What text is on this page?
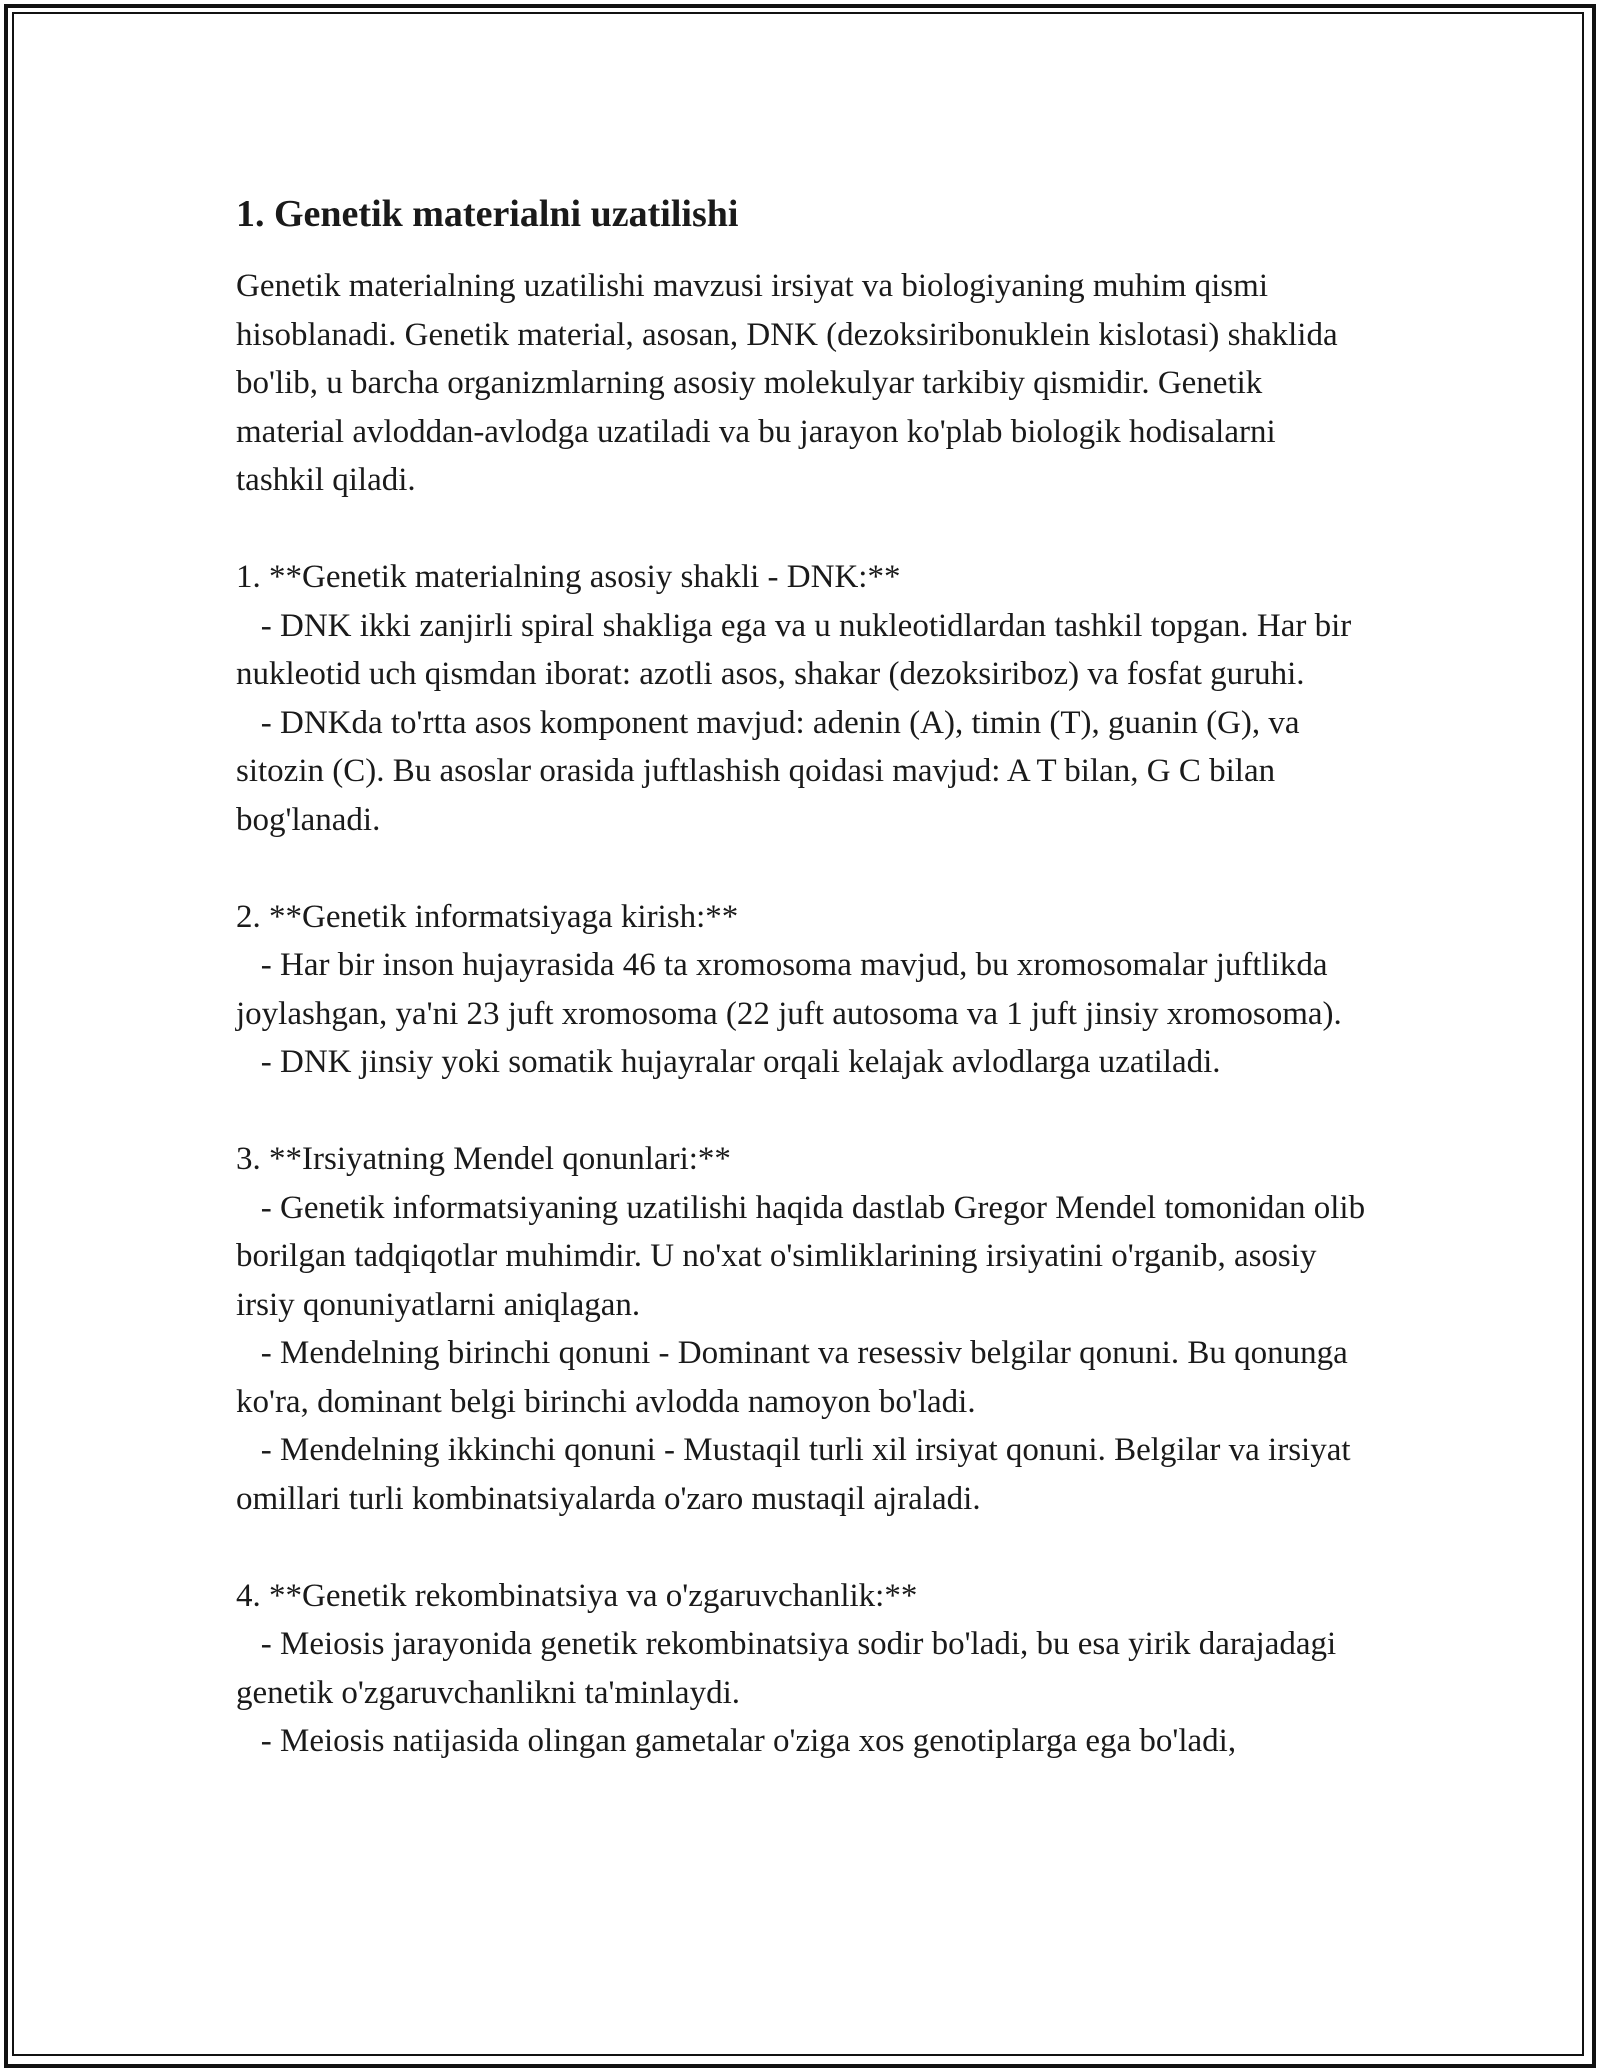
1. Genetik materialni uzatilishi

Genetik materialning uzatilishi mavzusi irsiyat va biologiyaning muhim qismi hisoblanadi. Genetik material, asosan, DNK (dezoksiribonuklein kislotasi) shaklida bo'lib, u barcha organizmlarning asosiy molekulyar tarkibiy qismidir. Genetik material avloddan-avlodga uzatiladi va bu jarayon ko'plab biologik hodisalarni tashkil qiladi.

1. **Genetik materialning asosiy shakli - DNK:**
- DNK ikki zanjirli spiral shakliga ega va u nukleotidlardan tashkil topgan. Har bir nukleotid uch qismdan iborat: azotli asos, shakar (dezoksiriboz) va fosfat guruhi.
- DNKda to'rtta asos komponent mavjud: adenin (A), timin (T), guanin (G), va sitozin (C). Bu asoslar orasida juftlashish qoidasi mavjud: A T bilan, G C bilan bog'lanadi.
2. **Genetik informatsiyaga kirish:**
- Har bir inson hujayrasida 46 ta xromosoma mavjud, bu xromosomalar juftlikda joylashgan, ya'ni 23 juft xromosoma (22 juft autosoma va 1 juft jinsiy xromosoma).
- DNK jinsiy yoki somatik hujayralar orqali kelajak avlodlarga uzatiladi.
3. **Irsiyatning Mendel qonunlari:**
- Genetik informatsiyaning uzatilishi haqida dastlab Gregor Mendel tomonidan olib borilgan tadqiqotlar muhimdir. U no'xat o'simliklarining irsiyatini o'rganib, asosiy irsiy qonuniyatlarni aniqlagan.
- Mendelning birinchi qonuni - Dominant va resessiv belgilar qonuni. Bu qonunga ko'ra, dominant belgi birinchi avlodda namoyon bo'ladi.
- Mendelning ikkinchi qonuni - Mustaqil turli xil irsiyat qonuni. Belgilar va irsiyat omillari turli kombinatsiyalarda o'zaro mustaqil ajraladi.
4. **Genetik rekombinatsiya va o'zgaruvchanlik:**
- Meiosis jarayonida genetik rekombinatsiya sodir bo'ladi, bu esa yirik darajadagi genetik o'zgaruvchanlikni ta'minlaydi.
- Meiosis natijasida olingan gametalar o'ziga xos genotiplarga ega bo'ladi,
